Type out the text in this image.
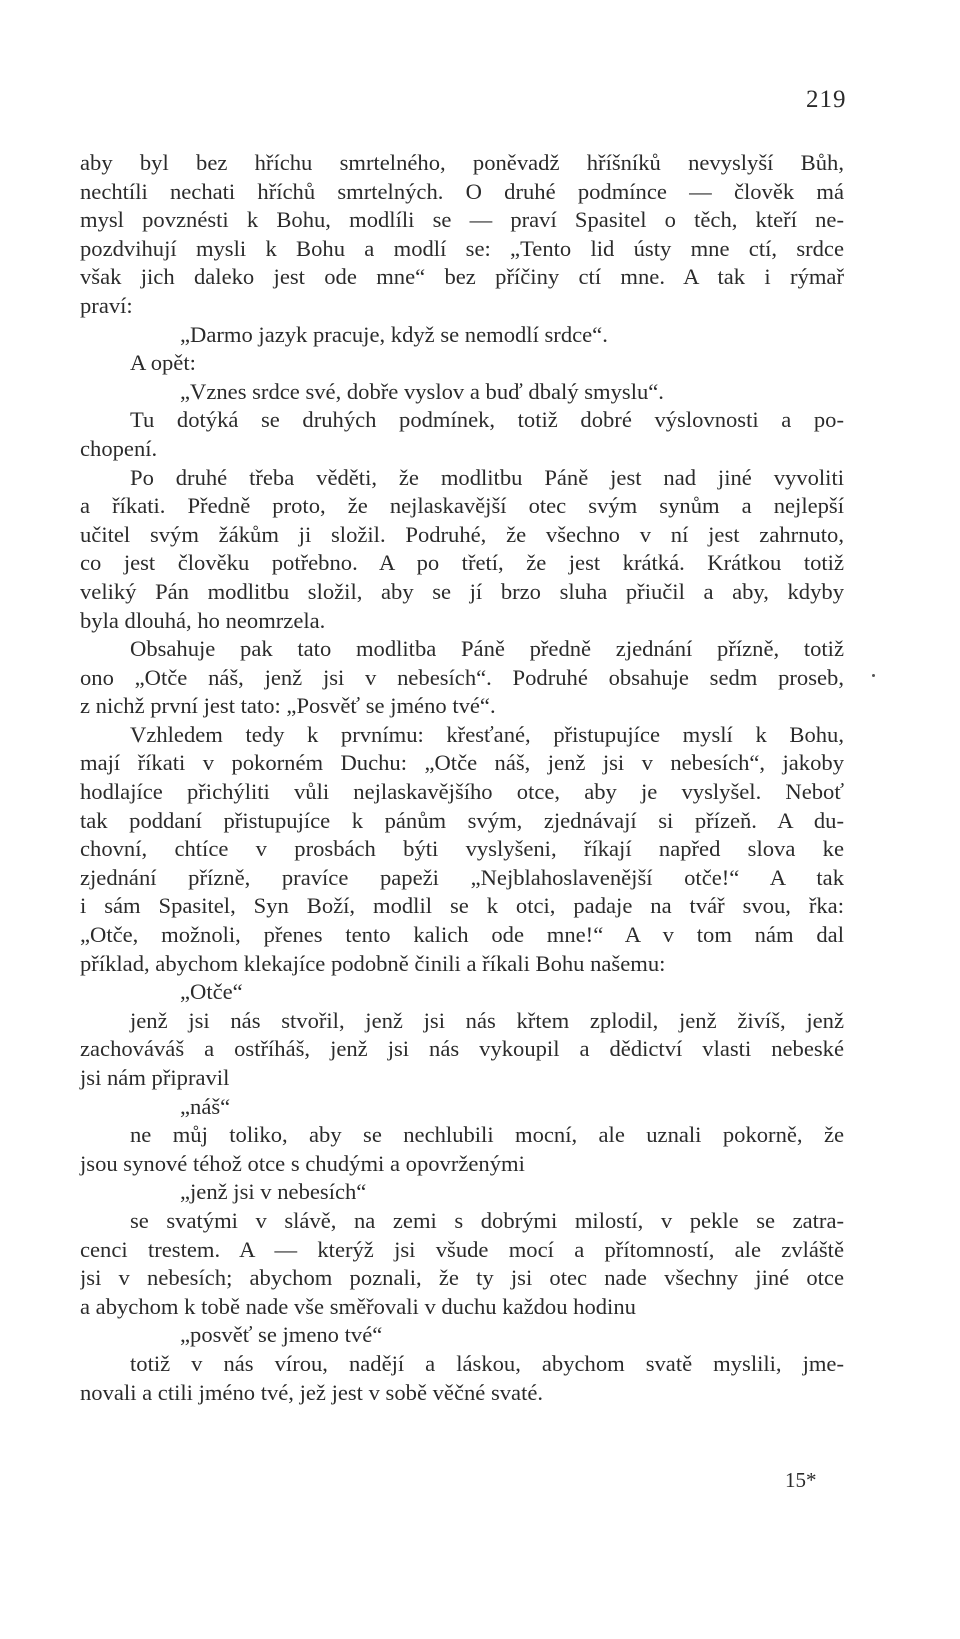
219
aby byl bez hříchu smrtelného, poněvadž hříšníků nevyslyší Bůh,
nechtíli nechati hříchů smrtelných. O druhé podmínce — člověk má
mysl povznésti k Bohu, modlíli se — praví Spasitel o těch, kteří ne-
pozdvihují mysli k Bohu a modlí se: „Tento lid ústy mne ctí, srdce
však jich daleko jest ode mne“ bez příčiny ctí mne. A tak i rýmař
praví:
„Darmo jazyk pracuje, když se nemodlí srdce“.
A opět:
„Vznes srdce své, dobře vyslov a buď dbalý smyslu“.
Tu dotýká se druhých podmínek, totiž dobré výslovnosti a po-
chopení.
Po druhé třeba věděti, že modlitbu Páně jest nad jiné vyvoliti
a říkati. Předně proto, že nejlaskavější otec svým synům a nejlepší
učitel svým žákům ji složil. Podruhé, že všechno v ní jest zahrnuto,
co jest člověku potřebno. A po třetí, že jest krátká. Krátkou totiž
veliký Pán modlitbu složil, aby se jí brzo sluha přiučil a aby, kdyby
byla dlouhá, ho neomrzela.
Obsahuje pak tato modlitba Páně předně zjednání přízně, totiž
ono „Otče náš, jenž jsi v nebesích“. Podruhé obsahuje sedm proseb,
z nichž první jest tato: „Posvěť se jméno tvé“.
Vzhledem tedy k prvnímu: křesťané, přistupujíce myslí k Bohu,
mají říkati v pokorném Duchu: „Otče náš, jenž jsi v nebesích“, jakoby
hodlajíce přichýliti vůli nejlaskavějšího otce, aby je vyslyšel. Neboť
tak poddaní přistupujíce k pánům svým, zjednávají si přízeň. A du-
chovní, chtíce v prosbách býti vyslyšeni, říkají napřed slova ke
zjednání přízně, pravíce papeži „Nejblahoslavenější otče!“ A tak
i sám Spasitel, Syn Boží, modlil se k otci, padaje na tvář svou, řka:
„Otče, možnoli, přenes tento kalich ode mne!“ A v tom nám dal
příklad, abychom klekajíce podobně činili a říkali Bohu našemu:
„Otče“
jenž jsi nás stvořil, jenž jsi nás křtem zplodil, jenž živíš, jenž
zachováváš a ostříháš, jenž jsi nás vykoupil a dědictví vlasti nebeské
jsi nám připravil
„náš“
ne můj toliko, aby se nechlubili mocní, ale uznali pokorně, že
jsou synové téhož otce s chudými a opovrženými
„jenž jsi v nebesích“
se svatými v slávě, na zemi s dobrými milostí, v pekle se zatra-
cenci trestem. A — kterýž jsi všude mocí a přítomností, ale zvláště
jsi v nebesích; abychom poznali, že ty jsi otec nade všechny jiné otce
a abychom k tobě nade vše směřovali v duchu každou hodinu
„posvěť se jmeno tvé“
totiž v nás vírou, nadějí a láskou, abychom svatě myslili, jme-
novali a ctili jméno tvé, jež jest v sobě věčné svaté.
15*
